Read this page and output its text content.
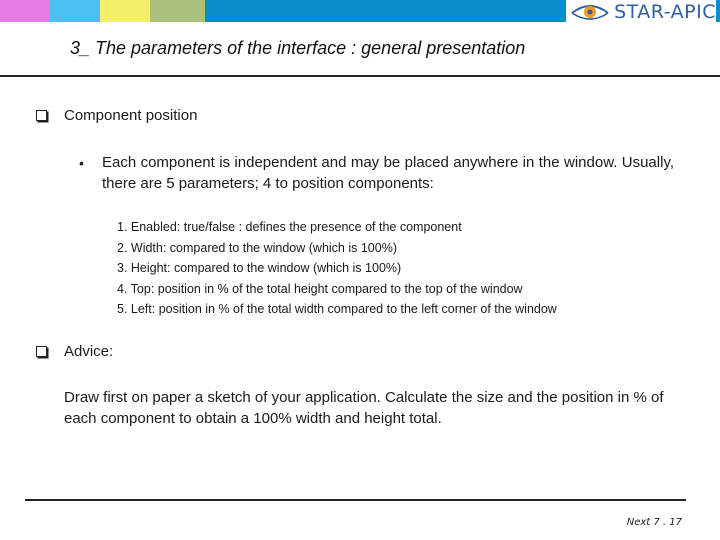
STAR-APIC
3_ The parameters of the interface : general presentation
Component position
• Each component is independent and may be placed anywhere in the window. Usually, there are 5 parameters; 4 to position components:
1. Enabled: true/false : defines the presence of the component
2. Width: compared to the window (which is 100%)
3. Height: compared to the window (which is 100%)
4. Top: position in % of the total height compared to the top of the window
5. Left: position in % of the total width compared to the left corner of the window
Advice:
Draw first on paper a sketch of your application. Calculate the size and the position in % of each component to obtain a 100% width and height total.
Next 7 . 17
